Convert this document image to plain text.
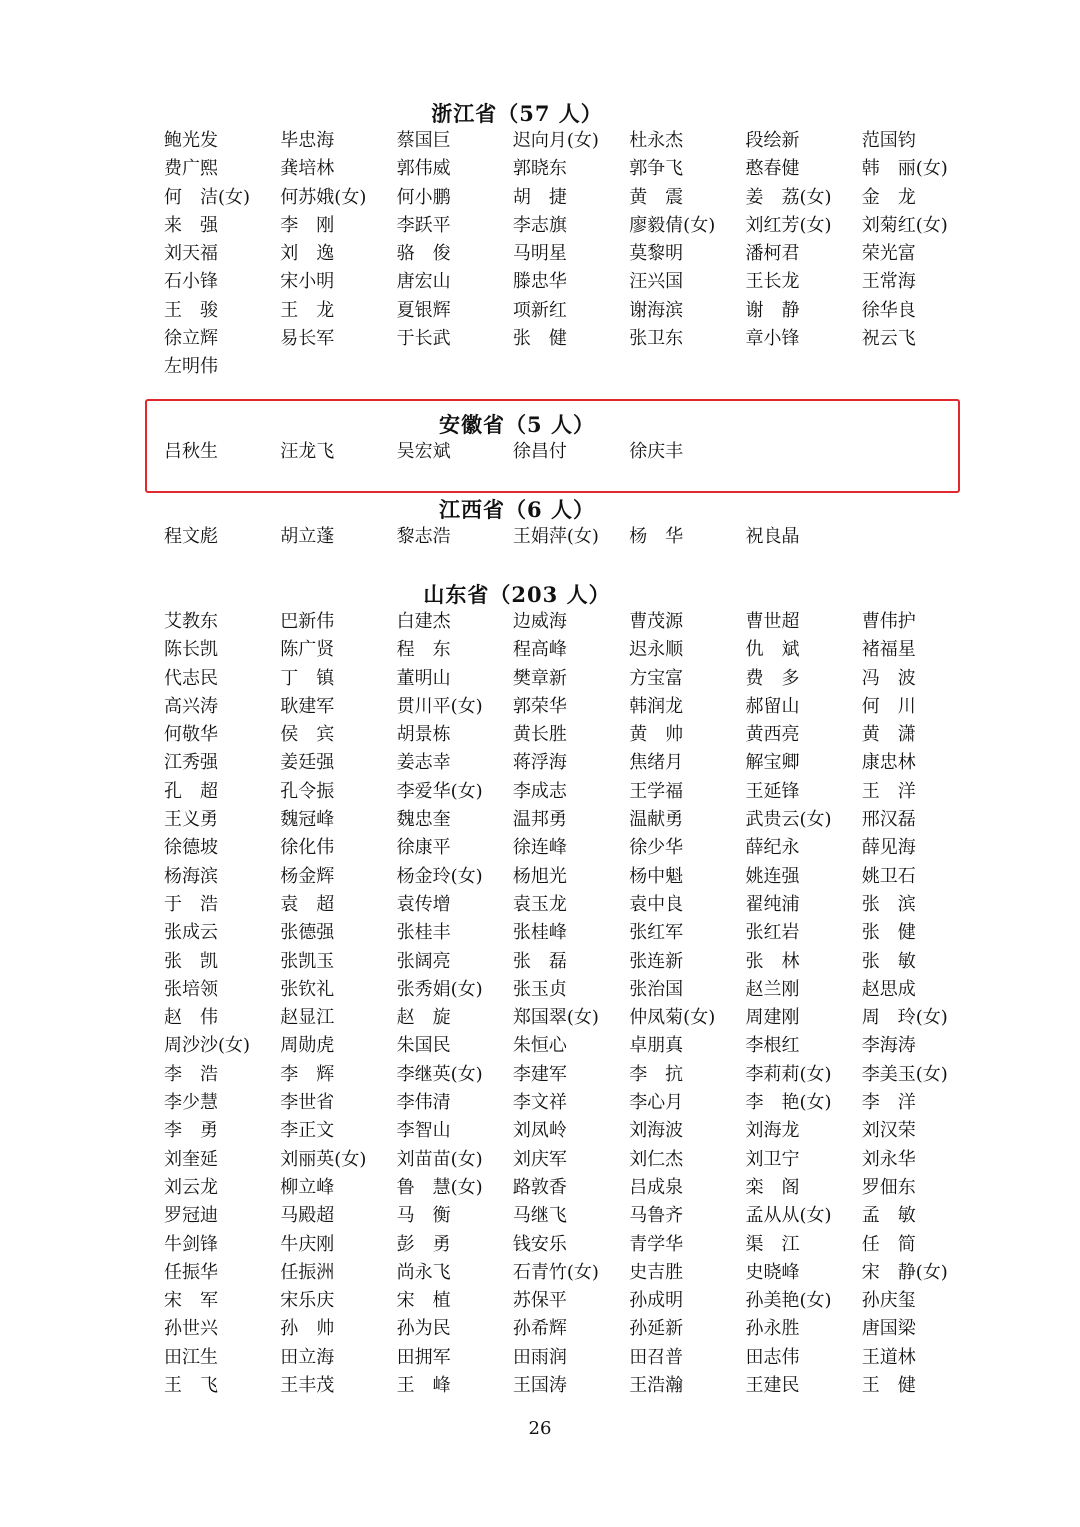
浙江省（57 人）
鲍光发	毕忠海	蔡国巨	迟向月(女)	杜永杰	段绘新	范国钧
费广熙	龚培林	郭伟威	郭晓东	郭争飞	憨春健	韩　丽(女)
何　洁(女)	何苏娥(女)	何小鹏	胡　捷	黄　震	姜　荔(女)	金　龙
来　强	李　刚	李跃平	李志旗	廖毅倩(女)	刘红芳(女)	刘菊红(女)
刘天福	刘　逸	骆　俊	马明星	莫黎明	潘柯君	荣光富
石小锋	宋小明	唐宏山	滕忠华	汪兴国	王长龙	王常海
王　骏	王　龙	夏银辉	项新红	谢海滨	谢　静	徐华良
徐立辉	易长军	于长武	张　健	张卫东	章小锋	祝云飞
左明伟
安徽省（5 人）
吕秋生	汪龙飞	吴宏斌	徐昌付	徐庆丰
江西省（6 人）
程文彪	胡立蓬	黎志浩	王娟萍(女)	杨　华	祝良晶
山东省（203 人）
艾教东	巴新伟	白建杰	边威海	曹茂源	曹世超	曹伟护
陈长凯	陈广贤	程　东	程高峰	迟永顺	仇　斌	褚福星
代志民	丁　镇	董明山	樊章新	方宝富	费　多	冯　波
高兴涛	耿建军	贯川平(女)	郭荣华	韩润龙	郝留山	何　川
何敬华	侯　宾	胡景栋	黄长胜	黄　帅	黄西亮	黄　潇
江秀强	姜廷强	姜志幸	蒋浮海	焦绪月	解宝卿	康忠林
孔　超	孔令振	李爱华(女)	李成志	王学福	王延锋	王　洋
王义勇	魏冠峰	魏忠奎	温邦勇	温献勇	武贵云(女)	邢汉磊
徐德坡	徐化伟	徐康平	徐连峰	徐少华	薛纪永	薛见海
杨海滨	杨金辉	杨金玲(女)	杨旭光	杨中魁	姚连强	姚卫石
于　浩	袁　超	袁传增	袁玉龙	袁中良	翟纯浦	张　滨
张成云	张德强	张桂丰	张桂峰	张红军	张红岩	张　健
张　凯	张凯玉	张阔亮	张　磊	张连新	张　林	张　敏
张培领	张钦礼	张秀娟(女)	张玉贞	张治国	赵兰刚	赵思成
赵　伟	赵显江	赵　旋	郑国翠(女)	仲凤菊(女)	周建刚	周　玲(女)
周沙沙(女)	周勋虎	朱国民	朱恒心	卓朋真	李根红	李海涛
李　浩	李　辉	李继英(女)	李建军	李　抗	李莉莉(女)	李美玉(女)
李少慧	李世省	李伟清	李文祥	李心月	李　艳(女)	李　洋
李　勇	李正文	李智山	刘凤岭	刘海波	刘海龙	刘汉荣
刘奎延	刘丽英(女)	刘苗苗(女)	刘庆军	刘仁杰	刘卫宁	刘永华
刘云龙	柳立峰	鲁　慧(女)	路敦香	吕成泉	栾　阁	罗佃东
罗冠迪	马殿超	马　衡	马继飞	马鲁齐	孟从从(女)	孟　敏
牛剑锋	牛庆刚	彭　勇	钱安乐	青学华	渠　江	任　简
任振华	任振洲	尚永飞	石青竹(女)	史吉胜	史晓峰	宋　静(女)
宋　军	宋乐庆	宋　植	苏保平	孙成明	孙美艳(女)	孙庆玺
孙世兴	孙　帅	孙为民	孙希辉	孙延新	孙永胜	唐国梁
田江生	田立海	田拥军	田雨润	田召普	田志伟	王道林
王　飞	王丰茂	王　峰	王国涛	王浩瀚	王建民	王　健
26
